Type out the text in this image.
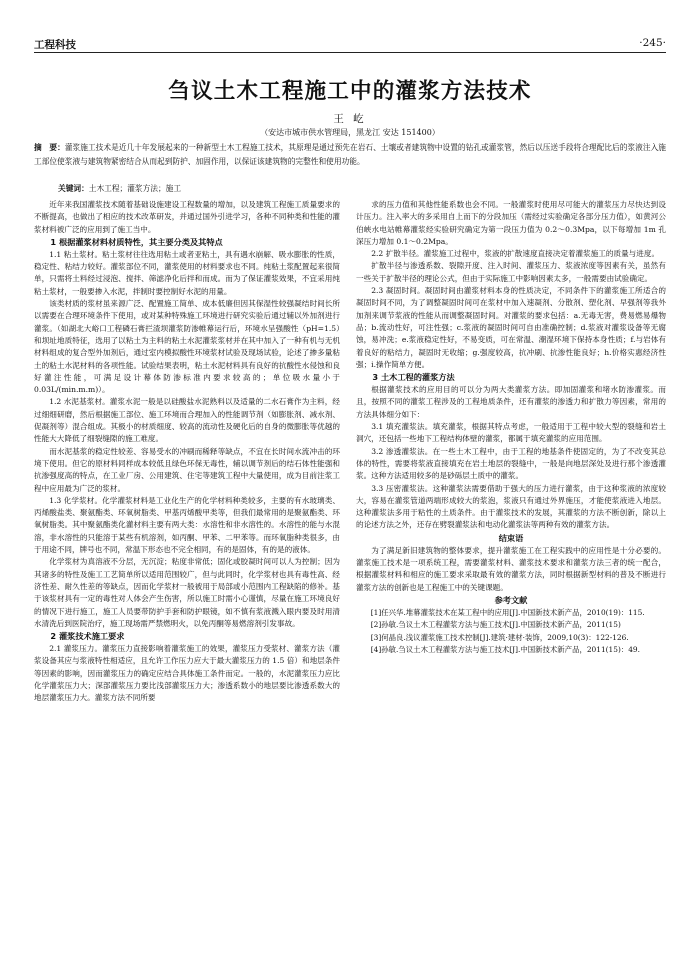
工程科技	·245·
刍议土木工程施工中的灌浆方法技术
王 屹
（安达市城市供水管理局，黑龙江 安达 151400）
摘　要：灌浆施工技术是近几十年发展起来的一种新型土木工程施工技术，其原理是通过预先在岩石、土壤或者建筑物中设置的钻孔或灌浆管，然后以压送手段将合理配比后的浆液注入施工部位使浆液与建筑物紧密结合从而起到防护、加固作用，以保证该建筑物的完整性和使用功能。
关键词：土木工程；灌浆方法；施工

近年来我国灌浆技术随着基础设施建设工程数量的增加，以及建筑工程施工质量要求的不断提高，也做出了相应的技术改革研发，并通过国外引进学习，各种不同种类和性能的灌浆材料被广泛的应用到了施工当中。

1 根据灌浆材料材质特性，其主要分类及其特点

1.1 粘土浆材。粘土浆材往往选用粘土或者亚粘土，具有遇水崩解、吸水膨胀的性质，稳定性、粘结力较好。灌浆部位不同，灌浆使用的材料要求也不同。纯粘土浆配置起来很简单，只需将土料经过浸泡、搅拌、筛滤净化后拌和而成。而为了保证灌浆效果，不宜采用纯粘土浆材，一般要掺入水泥，拌制时要控制好水泥的用量。

该类材质的浆材虽来源广泛、配置施工简单、成本低廉但因其保湿性较强凝结时间长所以需要在合理环境条件下使用，或对某种特殊施工环境进行研究实验后通过辅以外加剂进行灌浆。（如湖北大峪口工程磷石膏拦渣坝灌浆防渗帷幕运行后，环境水呈强酸性（pH=1.5）和坝址地质特征，选用了以粘土为主料的粘土水泥灌浆浆材并在其中加入了一种有机与无机材料组成的复合型外加剂后，通过室内模拟酸性环境浆材试验及现场试验，论述了掺多量粘土的粘土水泥材料的各项性能。试验结果表明，粘土水泥材料具有良好的抗酸性水侵蚀和良好灌注性能，可满足设计幕体防渗标准内要求较高的；单位吸水量小于 0.03L/(min.m.m)）。

1.2 水泥基浆材。灌浆水泥一般是以硅酸盐水泥熟料以及适量的二水石膏作为主料，经过细细研磨，然后根据施工部位、施工环境而合理加入的性能调节剂（如膨胀剂、减水剂、促凝剂等）混合组成。其极小的材质细度、较高的流动性及硬化后的自身的微膨胀等优越的性能大大降低了细裂缝隙的施工难度。

而水泥基浆的稳定性较差、容易受水的冲刷而稀释等缺点，不宜在长时间水流冲击的环境下使用。但它的原材料同样成本较低且绿色环保无毒性，辅以调节剂后的结石体性能强和抗渗强度高的特点，在工业厂房、公用建筑、住宅等建筑工程中大量使用，成为目前注浆工程中应用最为广泛的浆材。

1.3 化学浆材。化学灌浆材料是工业化生产的化学材料种类较多，主要的有水玻璃类、丙烯酸盐类、聚氨酯类、环氧树脂类、甲基丙烯酸甲类等，但我们最常用的是聚氨酯类、环氧树脂类。其中聚氨酯类化灌材料主要有两大类：水溶性和非水溶性的。水溶性的能与水混溶，非水溶性的只能溶于某些有机溶剂，如丙酮、甲苯、二甲苯等。而环氧脂种类很多，由于用途不同，牌号也不同，常温下形态也不完全相同，有的是固体，有的是的液体。

化学浆材为真溶液不分层，无沉淀；粘度非常低；固化或胶凝时间可以人为控制；因为其诸多的特性及施工工艺简单所以适用范围较广，但与此同时，化学浆材也具有毒性高、经济性差、耐久性差的等缺点，因而化学浆材一般被用于局部或小范围内工程缺陷的修补。基于该浆材具有一定的毒性对人体会产生伤害，所以施工时需小心谨慎，尽量在施工环境良好的情况下进行施工，施工人员要带防护手套和防护眼镜，如不慎有浆液溅入眼内要及时用清水清洗后到医院治疗，施工现场需严禁燃明火，以免丙酮等易燃溶剂引发事故。

2 灌浆技术施工要求

2.1 灌浆压力。灌浆压力直接影响着灌浆施工的效果，灌浆压力受浆材、灌浆方法（灌浆设备其应与浆液特性相适应，且允许工作压力应大于最大灌浆压力的 1.5 倍）和地层条件等因素的影响，因而灌浆压力的确定应结合具体施工条件而定。一般的，水泥灌浆压力应比化学灌浆压力大；深部灌浆压力要比浅部灌浆压力大；渗透系数小的地层要比渗透系数大的地层灌浆压力大。灌浆方法不同所要

求的压力值和其他性能系数也会不同。一般灌浆时使用尽可能大的灌浆压力尽快达到设计压力。注入率大的多采用自上而下的分段加压（需经过实验确定各部分压力值），如黄河公伯峡水电站帷幕灌浆经实验研究确定为第一段压力值为 0.2～0.3Mpa，以下每增加 1m 孔深压力增加 0.1～0.2Mpa。

2.2 扩散半径。灌浆施工过程中，浆液的扩散速度直接决定着灌浆施工的质量与进度。

扩散半径与渗透系数、裂隙开度、注入时间、灌浆压力、浆液浓度等因素有关，虽然有一些关于扩散半径的理论公式，但由于实际施工中影响因素太多，一般需要由试验确定。

2.3 凝固时间。凝固时间由灌浆材料本身的性质决定，不同条件下的灌浆施工所适合的凝固时间不同，为了调整凝固时间可在浆材中加入速凝剂、分散剂、塑化剂、早强剂等我外加剂来调节浆液的性能从而调整凝固时间。对灌浆的要求包括：a.无毒无害，费易燃易爆物品；b.流动性好，可注性强；c.浆液的凝固时间可自由准确控制；d.浆液对灌浆设备等无腐蚀，易冲洗；e.浆液稳定性好，不易变质，可在常温、潮湿环境下保持本身性质；f.与岩体有着良好的粘结力，凝固时无收缩；g.强度较高，抗冲刷、抗渗性能良好；h.价格实惠经济性强；i.操作简单方便。

3 土木工程的灌浆方法

根据灌浆技术的应用目的可以分为两大类灌浆方法。即加固灌浆和堵水防渗灌浆。而且，按照不同的灌浆工程涉及的工程地质条件，还有灌浆的渗透力和扩散力等因素，常用的方法具体细分如下：

3.1 填充灌浆法。填充灌浆，根据其特点考虑，一般适用于工程中较大型的裂缝和岩土洞穴，还包括一些地下工程结构体壁的灌浆，都属于填充灌浆的应用范围。

3.2 渗透灌浆法。在一些土木工程中，由于工程的地基条件使固定的，为了不改变其总体的特性，需要将浆液直接填充在岩土地层的裂缝中，一般是向地层深处及进行那个渗透灌浆。这种方法适用较多的是砂砾层土质中的灌浆。

3.3 压密灌浆法。这种灌浆法需要借助于强大的压力进行灌浆，由于这种浆液的浓度较大，容易在灌浆管道两端形成较大的浆泡，浆液只有通过外界施压，才能使浆液进入地层。这种灌浆法多用于粘性的土质条件。由于灌浆技术的发展，其灌浆的方法不断创新，除以上的论述方法之外，还存在劈裂灌浆法和电动化灌浆法等两种有效的灌浆方法。

结束语

为了满足新旧建筑物的整体要求，提升灌浆施工在工程实践中的应用性是十分必要的。灌浆施工技术是一项系统工程，需要灌浆材料、灌浆技术要求和灌浆方法三者的统一配合，根据灌浆材料和相应的施工要求采取最有效的灌浆方法，同时根据新型材料的普及不断进行灌浆方法的创新也是工程施工中的关键课题。

参考文献

[1]任兴华.堆幕灌浆技术在某工程中的应用[J].中国新技术新产品，2010(19)：115.

[2]孙敏.刍议土木工程灌浆方法与施工技术[J].中国新技术新产品，2011(15)

[3]何晶良.浅议灌浆施工技术控制[J].建筑·建材·装饰，2009,10(3)：122-126.

[4]孙敏.刍议土木工程灌浆方法与施工技术[J].中国新技术新产品，2011(15)：49.
